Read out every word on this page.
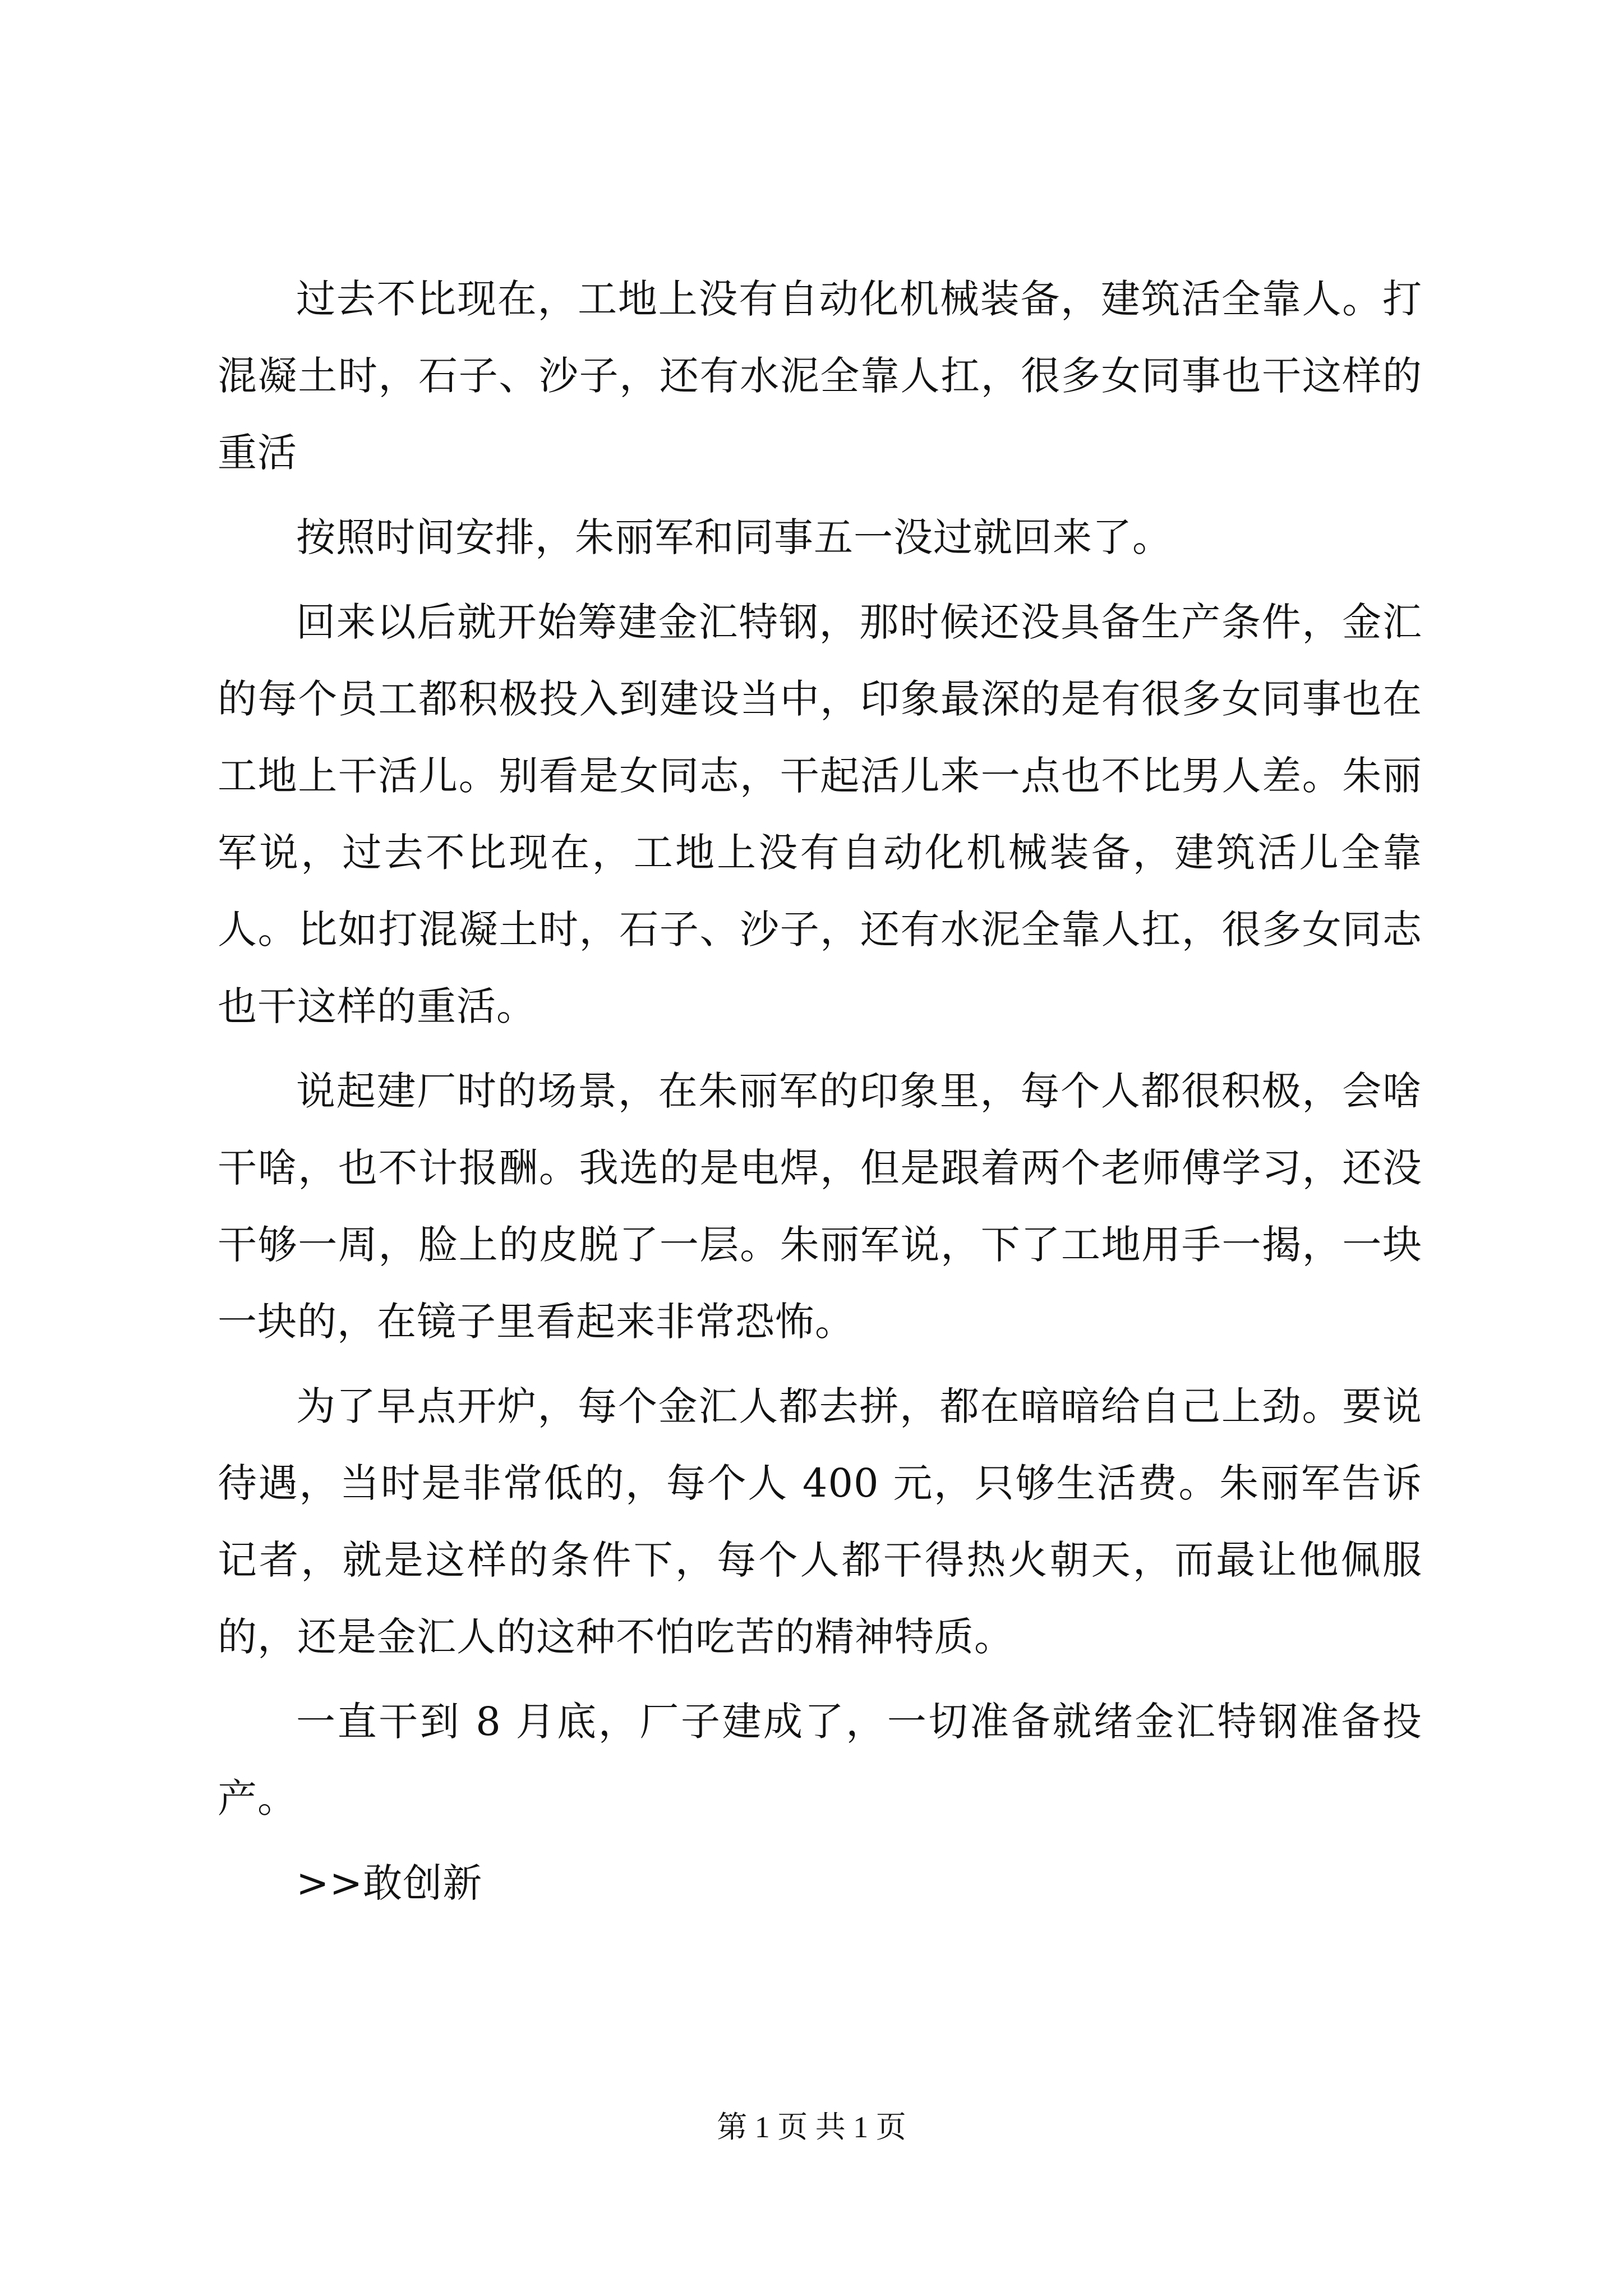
过去不比现在，工地上没有自动化机械装备，建筑活全靠人。打混凝土时，石子、沙子，还有水泥全靠人扛，很多女同事也干这样的重活

按照时间安排，朱丽军和同事五一没过就回来了。

回来以后就开始筹建金汇特钢，那时候还没具备生产条件，金汇的每个员工都积极投入到建设当中，印象最深的是有很多女同事也在工地上干活儿。别看是女同志，干起活儿来一点也不比男人差。朱丽军说，过去不比现在，工地上没有自动化机械装备，建筑活儿全靠人。比如打混凝土时，石子、沙子，还有水泥全靠人扛，很多女同志也干这样的重活。

说起建厂时的场景，在朱丽军的印象里，每个人都很积极，会啥干啥，也不计报酬。我选的是电焊，但是跟着两个老师傅学习，还没干够一周，脸上的皮脱了一层。朱丽军说，下了工地用手一揭，一块一块的，在镜子里看起来非常恐怖。

为了早点开炉，每个金汇人都去拼，都在暗暗给自己上劲。要说待遇，当时是非常低的，每个人 400 元，只够生活费。朱丽军告诉记者，就是这样的条件下，每个人都干得热火朝天，而最让他佩服的，还是金汇人的这种不怕吃苦的精神特质。

一直干到 8 月底，厂子建成了，一切准备就绪金汇特钢准备投产。

>>敢创新

第 1 页 共 1 页
